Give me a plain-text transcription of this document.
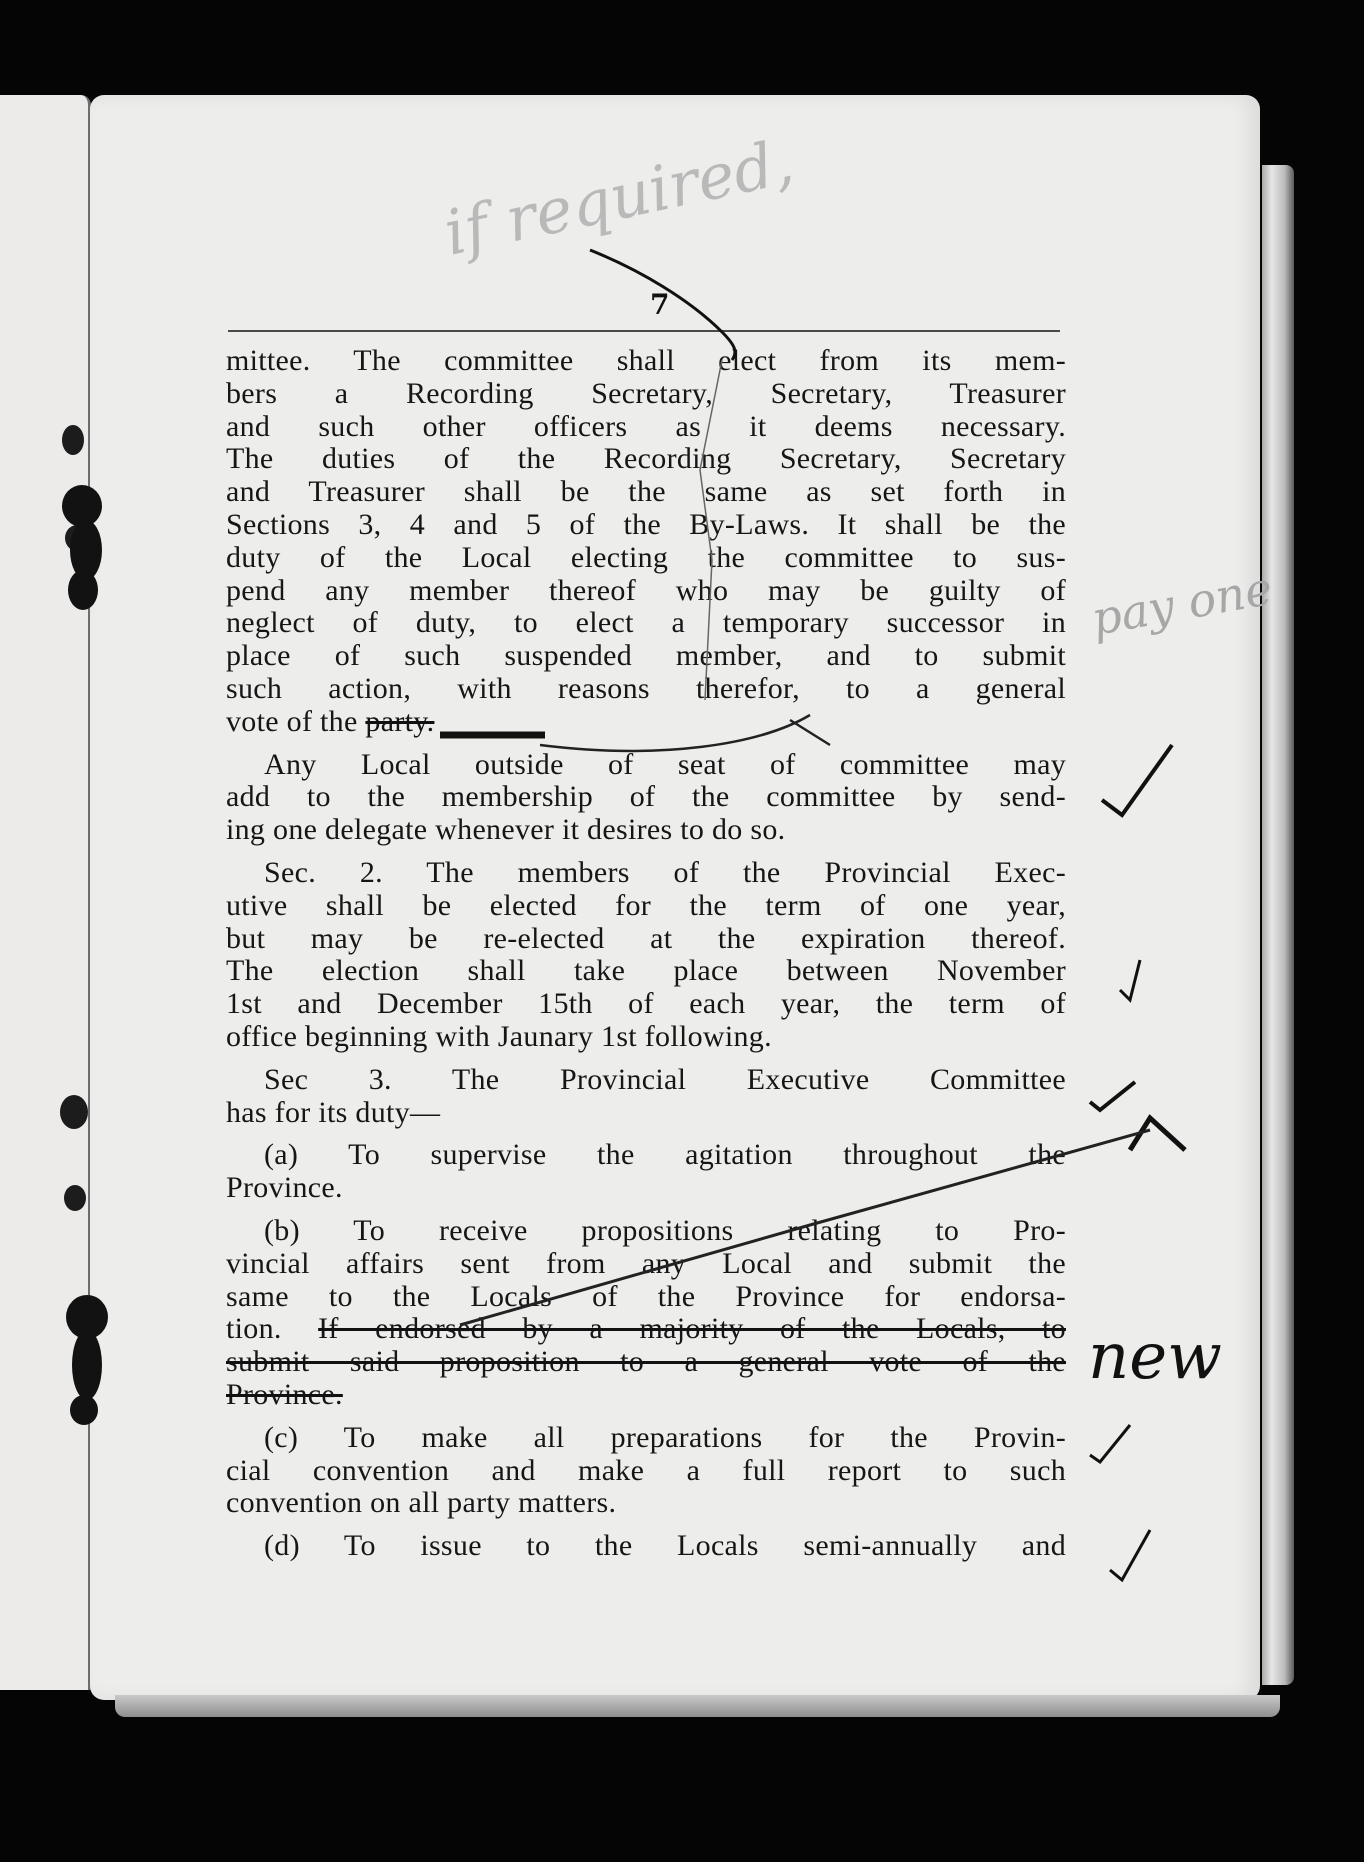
7
mittee. The committee shall elect from its mem-
bers a Recording Secretary, Secretary, Treasurer
and such other officers as it deems necessary.
The duties of the Recording Secretary, Secretary
and Treasurer shall be the same as set forth in
Sections 3, 4 and 5 of the By-Laws. It shall be the
duty of the Local electing the committee to sus-
pend any member thereof who may be guilty of
neglect of duty, to elect a temporary successor in
place of such suspended member, and to submit
such action, with reasons therefor, to a general
vote of the party.
Any Local outside of seat of committee may
add to the membership of the committee by send-
ing one delegate whenever it desires to do so.
Sec. 2. The members of the Provincial Exec-
utive shall be elected for the term of one year,
but may be re-elected at the expiration thereof.
The election shall take place between November
1st and December 15th of each year, the term of
office beginning with Jaunary 1st following.
Sec 3. The Provincial Executive Committee
has for its duty—
(a) To supervise the agitation throughout the
Province.
(b) To receive propositions relating to Pro-
vincial affairs sent from any Local and submit the
same to the Locals of the Province for endorsa-
tion. If endorsed by a majority of the Locals, to
submit said proposition to a general vote of the
Province.
(c) To make all preparations for the Provin-
cial convention and make a full report to such
convention on all party matters.
(d) To issue to the Locals semi-annually and
if required,
pay one
new
